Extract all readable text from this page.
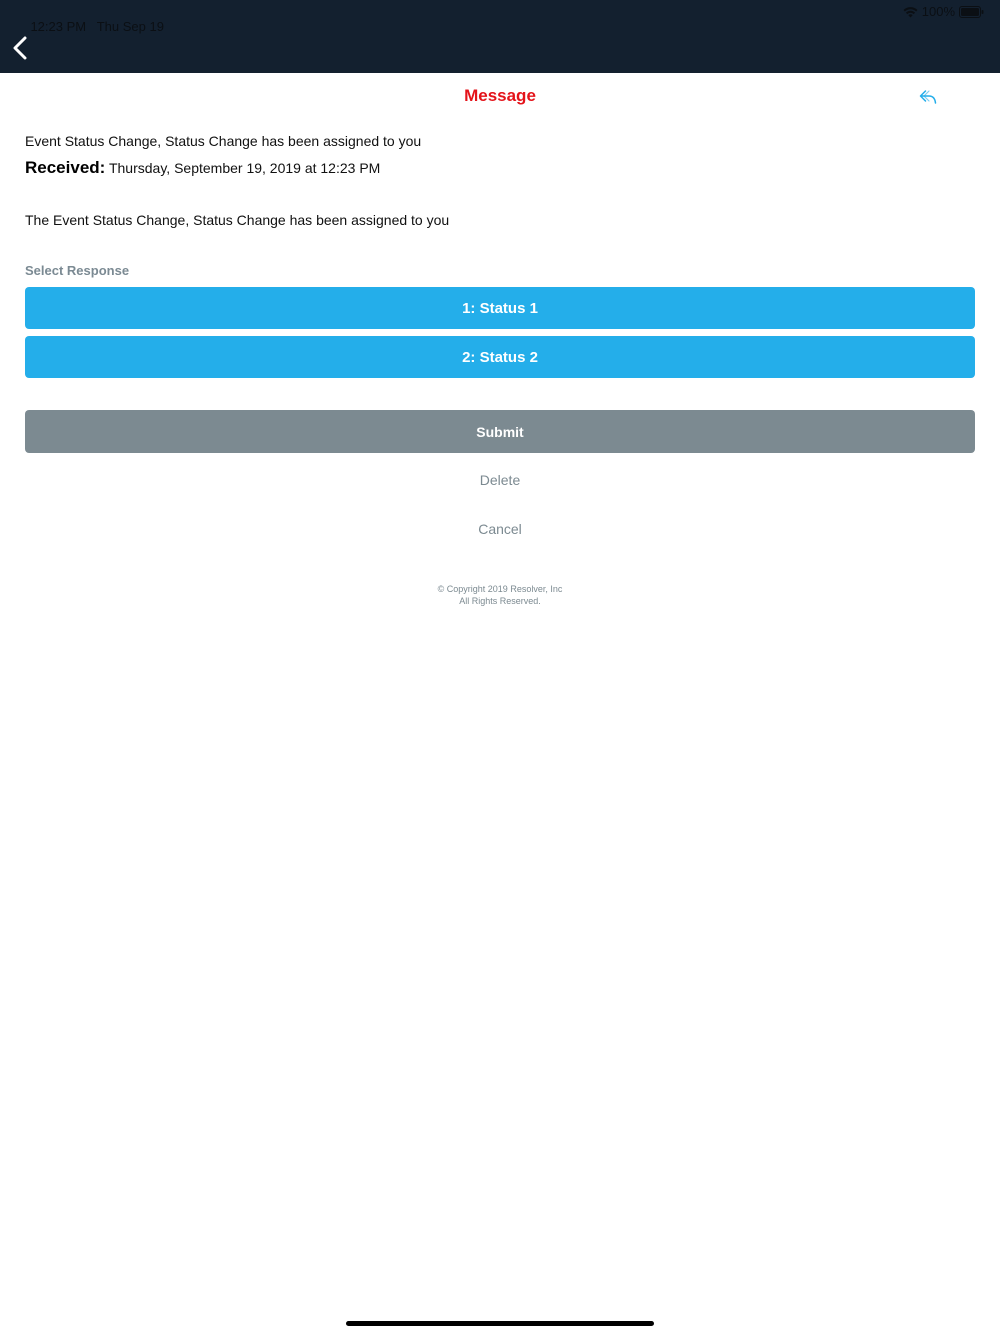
12:23 PM Thu Sep 19

100%
Message
Event Status Change, Status Change has been assigned to you
Received: Thursday, September 19, 2019 at 12:23 PM
The Event Status Change, Status Change has been assigned to you
Select Response
1: Status 1
2: Status 2
Submit
Delete
Cancel
© Copyright 2019 Resolver, Inc
All Rights Reserved.
